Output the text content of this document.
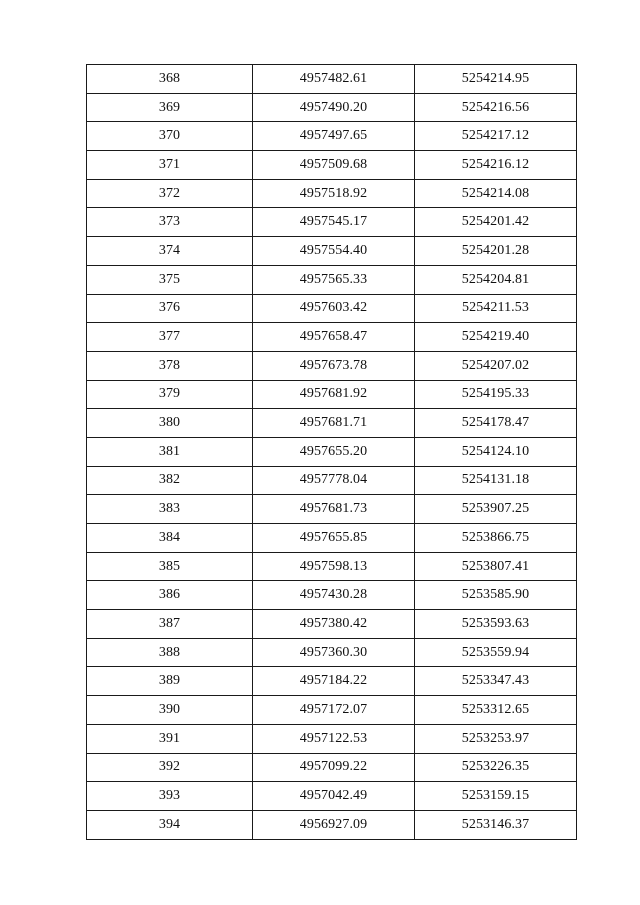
368	4957482.61	5254214.95
369	4957490.20	5254216.56
370	4957497.65	5254217.12
371	4957509.68	5254216.12
372	4957518.92	5254214.08
373	4957545.17	5254201.42
374	4957554.40	5254201.28
375	4957565.33	5254204.81
376	4957603.42	5254211.53
377	4957658.47	5254219.40
378	4957673.78	5254207.02
379	4957681.92	5254195.33
380	4957681.71	5254178.47
381	4957655.20	5254124.10
382	4957778.04	5254131.18
383	4957681.73	5253907.25
384	4957655.85	5253866.75
385	4957598.13	5253807.41
386	4957430.28	5253585.90
387	4957380.42	5253593.63
388	4957360.30	5253559.94
389	4957184.22	5253347.43
390	4957172.07	5253312.65
391	4957122.53	5253253.97
392	4957099.22	5253226.35
393	4957042.49	5253159.15
394	4956927.09	5253146.37
